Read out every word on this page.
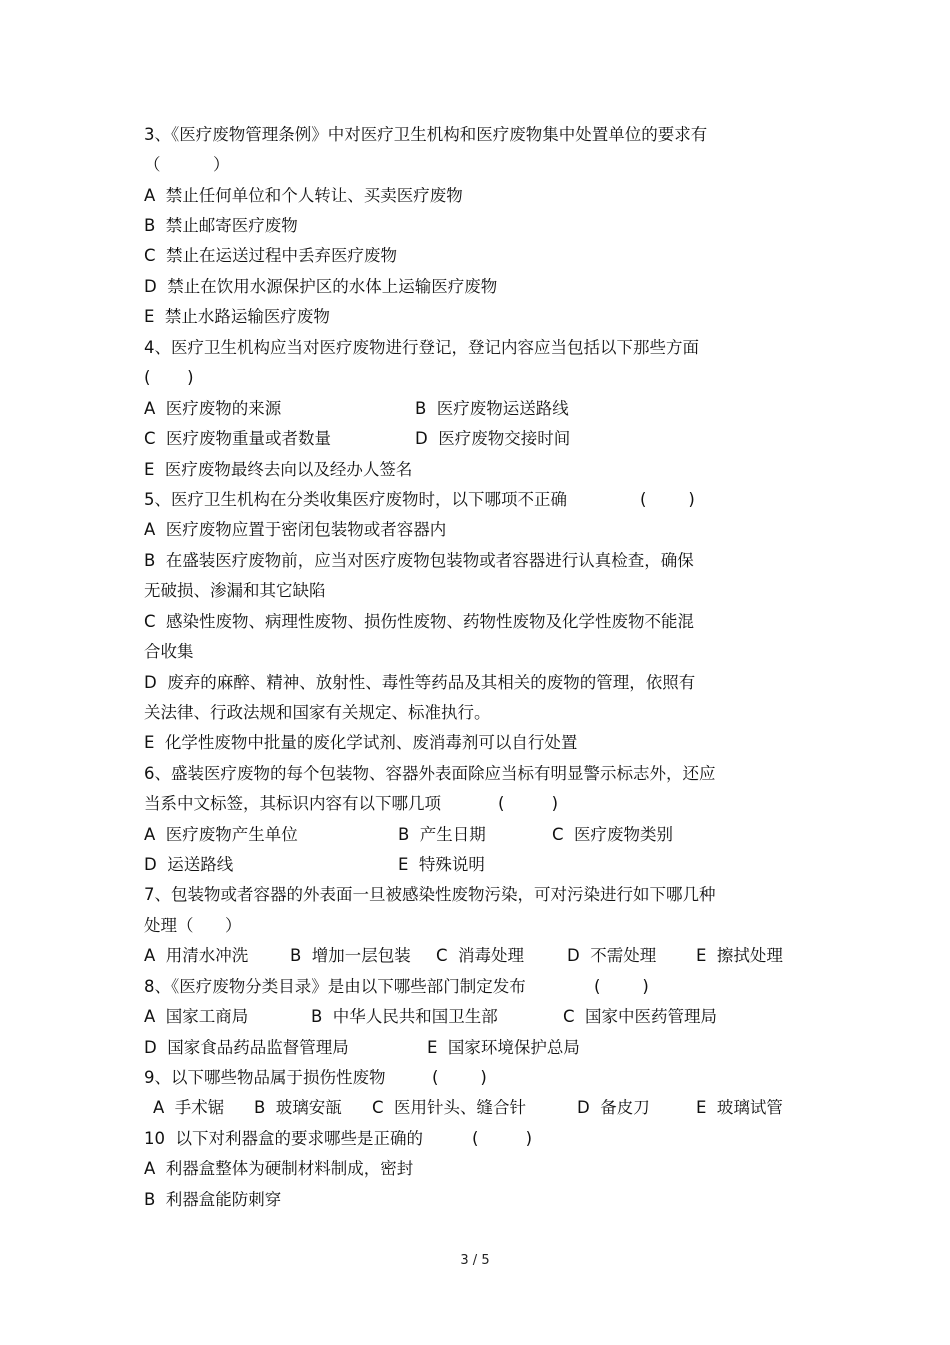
3、《医疗废物管理条例》中对医疗卫生机构和医疗废物集中处置单位的要求有
（          ）
A  禁止任何单位和个人转让、买卖医疗废物
B  禁止邮寄医疗废物
C  禁止在运送过程中丢弃医疗废物
D  禁止在饮用水源保护区的水体上运输医疗废物
E  禁止水路运输医疗废物
4、医疗卫生机构应当对医疗废物进行登记，登记内容应当包括以下那些方面
(       )

A  医疗废物的来源

	B  医疗废物运送路线

C  医疗废物重量或者数量

	D  医疗废物交接时间

E  医疗废物最终去向以及经办人签名

5、医疗卫生机构在分类收集医疗废物时，以下哪项不正确

	(        )

A  医疗废物应置于密闭包装物或者容器内
B  在盛装医疗废物前，应当对医疗废物包装物或者容器进行认真检查，确保
无破损、渗漏和其它缺陷
C  感染性废物、病理性废物、损伤性废物、药物性废物及化学性废物不能混
合收集
D  废弃的麻醉、精神、放射性、毒性等药品及其相关的废物的管理，依照有
关法律、行政法规和国家有关规定、标准执行。
E  化学性废物中批量的废化学试剂、废消毒剂可以自行处置
6、盛装医疗废物的每个包装物、容器外表面除应当标有明显警示标志外，还应

当系中文标签，其标识内容有以下哪几项

	(         )

A  医疗废物产生单位

	B  产生日期

	C  医疗废物类别

D  运送路线

	E  特殊说明

7、包装物或者容器的外表面一旦被感染性废物污染，可对污染进行如下哪几种
处理（      ）

A  用清水冲洗

	B  增加一层包装

C  消毒处理

	D  不需处理

E  擦拭处理

8、《医疗废物分类目录》是由以下哪些部门制定发布

	(        )

A  国家工商局

	B  中华人民共和国卫生部

	C  国家中医药管理局

D  国家食品药品监督管理局

	E  国家环境保护总局

9、以下哪些物品属于损伤性废物

	(        )

A  手术锯

B  玻璃安瓿

C  医用针头、缝合针

	D  备皮刀

	E  玻璃试管

10  以下对利器盒的要求哪些是正确的

	(         )

A  利器盒整体为硬制材料制成，密封
B  利器盒能防刺穿
3 / 5
